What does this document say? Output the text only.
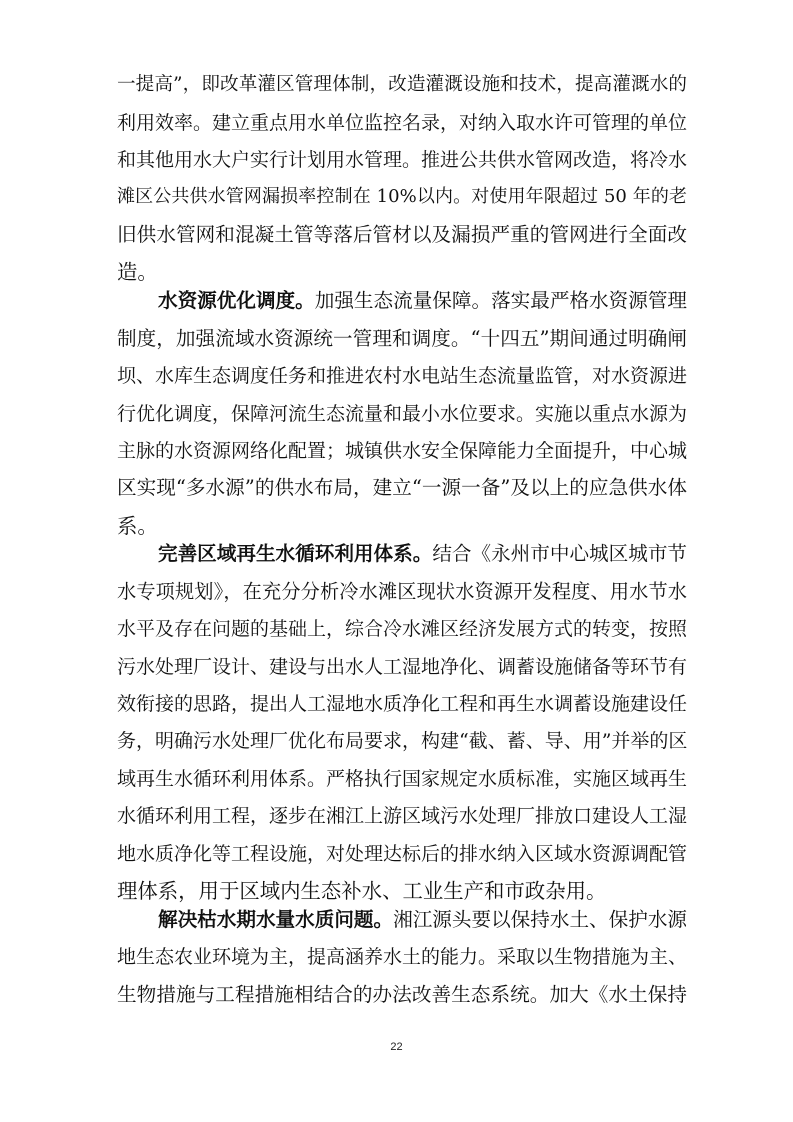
一提高”，即改革灌区管理体制，改造灌溉设施和技术，提高灌溉水的
利用效率。建立重点用水单位监控名录，对纳入取水许可管理的单位
和其他用水大户实行计划用水管理。推进公共供水管网改造，将冷水
滩区公共供水管网漏损率控制在 10%以内。对使用年限超过 50 年的老
旧供水管网和混凝土管等落后管材以及漏损严重的管网进行全面改
造。
水资源优化调度。加强生态流量保障。落实最严格水资源管理
制度，加强流域水资源统一管理和调度。“十四五”期间通过明确闸
坝、水库生态调度任务和推进农村水电站生态流量监管，对水资源进
行优化调度，保障河流生态流量和最小水位要求。实施以重点水源为
主脉的水资源网络化配置；城镇供水安全保障能力全面提升，中心城
区实现“多水源”的供水布局，建立“一源一备”及以上的应急供水体
系。
完善区域再生水循环利用体系。结合《永州市中心城区城市节
水专项规划》，在充分分析冷水滩区现状水资源开发程度、用水节水
水平及存在问题的基础上，综合冷水滩区经济发展方式的转变，按照
污水处理厂设计、建设与出水人工湿地净化、调蓄设施储备等环节有
效衔接的思路，提出人工湿地水质净化工程和再生水调蓄设施建设任
务，明确污水处理厂优化布局要求，构建“截、蓄、导、用”并举的区
域再生水循环利用体系。严格执行国家规定水质标准，实施区域再生
水循环利用工程，逐步在湘江上游区域污水处理厂排放口建设人工湿
地水质净化等工程设施，对处理达标后的排水纳入区域水资源调配管
理体系，用于区域内生态补水、工业生产和市政杂用。
解决枯水期水量水质问题。湘江源头要以保持水土、保护水源
地生态农业环境为主，提高涵养水土的能力。采取以生物措施为主、
生物措施与工程措施相结合的办法改善生态系统。加大《水土保持
22
